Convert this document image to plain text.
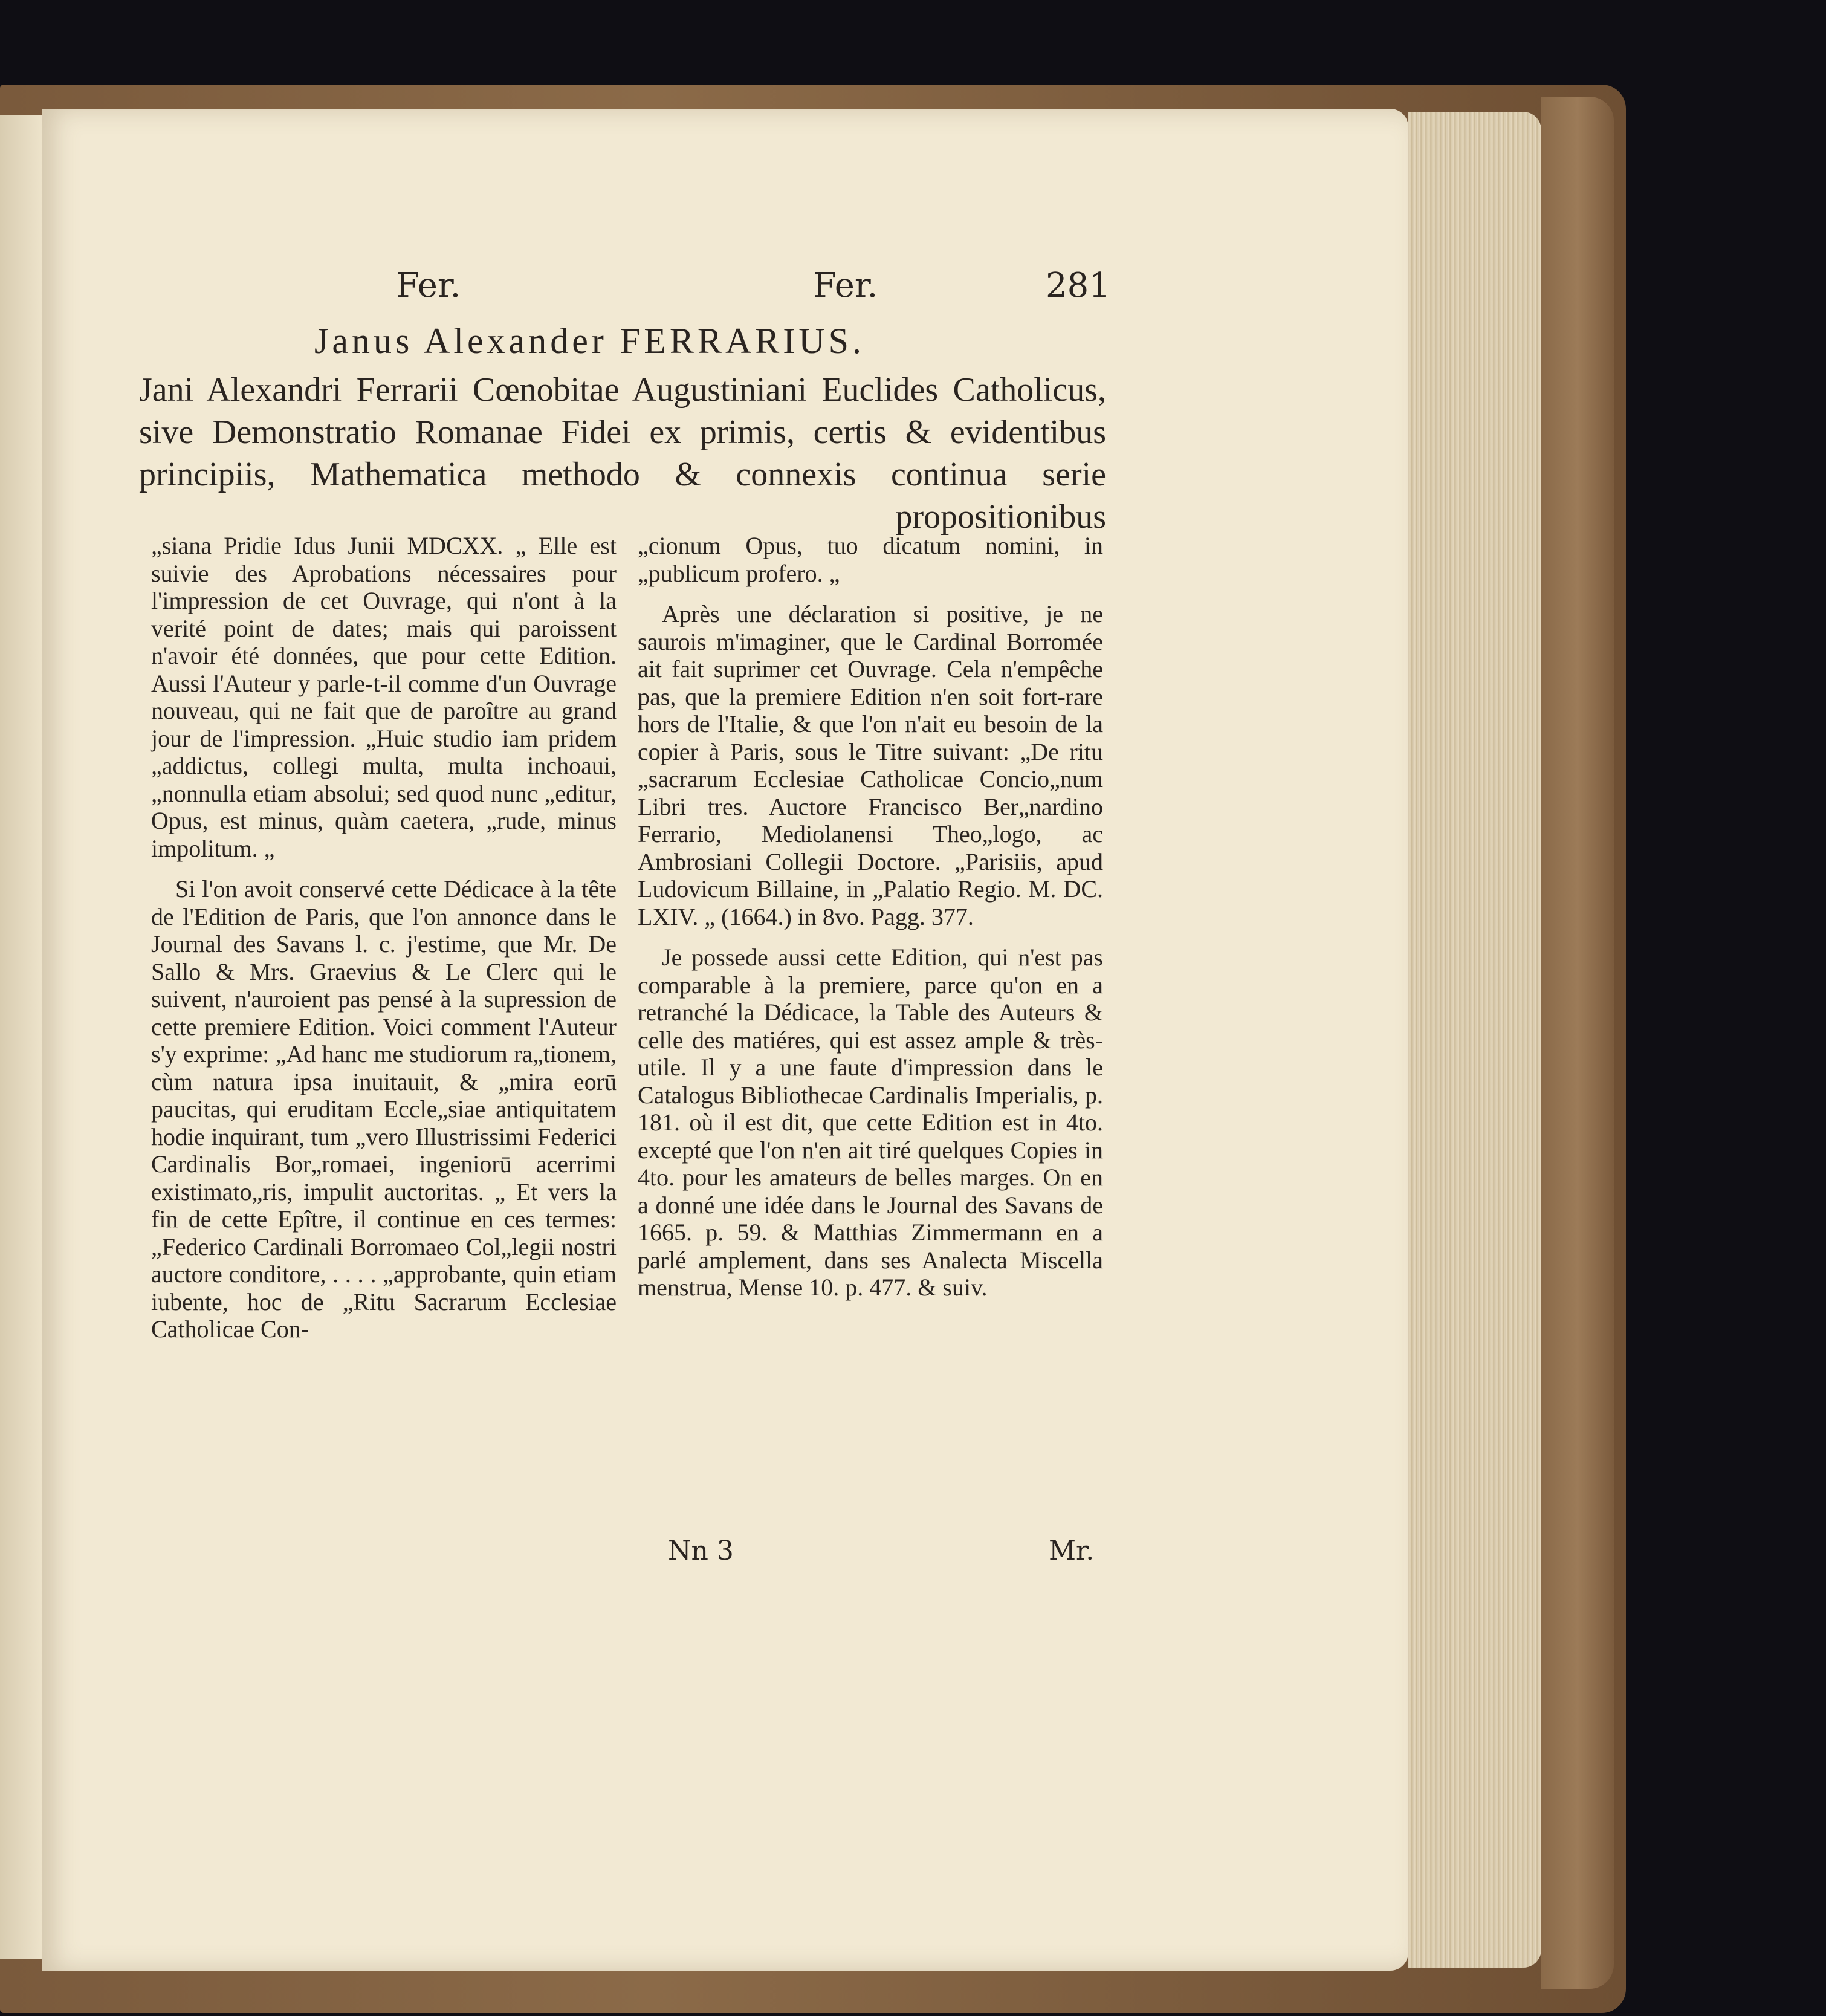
Fer.	Fer.	281
Janus Alexander FERRARIUS.

Jani Alexandri Ferrarii Cœnobitae Augustiniani Euclides Catholicus, sive Demonstratio Romanae Fidei ex primis, certis & evidentibus principiis, Mathematica methodo & connexis continua serie propositionibus

„siana Pridie Idus Junii MDCXX. „ Elle est suivie des Aprobations nécessaires pour l'impression de cet Ouvrage, qui n'ont à la verité point de dates; mais qui paroissent n'avoir été données, que pour cette Edition. Aussi l'Auteur y parle-t-il comme d'un Ouvrage nouveau, qui ne fait que de paroître au grand jour de l'impression. „Huic studio iam pridem „addictus, collegi multa, multa inchoaui, „nonnulla etiam absolui; sed quod nunc „editur, Opus, est minus, quàm caetera, „rude, minus impolitum. „

Si l'on avoit conservé cette Dédicace à la tête de l'Edition de Paris, que l'on annonce dans le Journal des Savans l. c. j'estime, que Mr. De Sallo & Mrs. Graevius & Le Clerc qui le suivent, n'auroient pas pensé à la supression de cette premiere Edition. Voici comment l'Auteur s'y exprime: „Ad hanc me studiorum ra„tionem, cùm natura ipsa inuitauit, & „mira eorū paucitas, qui eruditam Eccle„siae antiquitatem hodie inquirant, tum „vero Illustrissimi Federici Cardinalis Bor„romaei, ingeniorū acerrimi existimato„ris, impulit auctoritas. „ Et vers la fin de cette Epître, il continue en ces termes: „Federico Cardinali Borromaeo Col„legii nostri auctore conditore, . . . . „approbante, quin etiam iubente, hoc de „Ritu Sacrarum Ecclesiae Catholicae Con-

„cionum Opus, tuo dicatum nomini, in „publicum profero. „

Après une déclaration si positive, je ne saurois m'imaginer, que le Cardinal Borromée ait fait suprimer cet Ouvrage. Cela n'empêche pas, que la premiere Edition n'en soit fort-rare hors de l'Italie, & que l'on n'ait eu besoin de la copier à Paris, sous le Titre suivant: „De ritu „sacrarum Ecclesiae Catholicae Concio„num Libri tres. Auctore Francisco Ber„nardino Ferrario, Mediolanensi Theo„logo, ac Ambrosiani Collegii Doctore. „Parisiis, apud Ludovicum Billaine, in „Palatio Regio. M. DC. LXIV. „ (1664.) in 8vo. Pagg. 377.

Je possede aussi cette Edition, qui n'est pas comparable à la premiere, parce qu'on en a retranché la Dédicace, la Table des Auteurs & celle des matiéres, qui est assez ample & très-utile. Il y a une faute d'impression dans le Catalogus Bibliothecae Cardinalis Imperialis, p. 181. où il est dit, que cette Edition est in 4to. excepté que l'on n'en ait tiré quelques Copies in 4to. pour les amateurs de belles marges. On en a donné une idée dans le Journal des Savans de 1665. p. 59. & Matthias Zimmermann en a parlé amplement, dans ses Analecta Miscella menstrua, Mense 10. p. 477. & suiv.

Nn 3	Mr.
